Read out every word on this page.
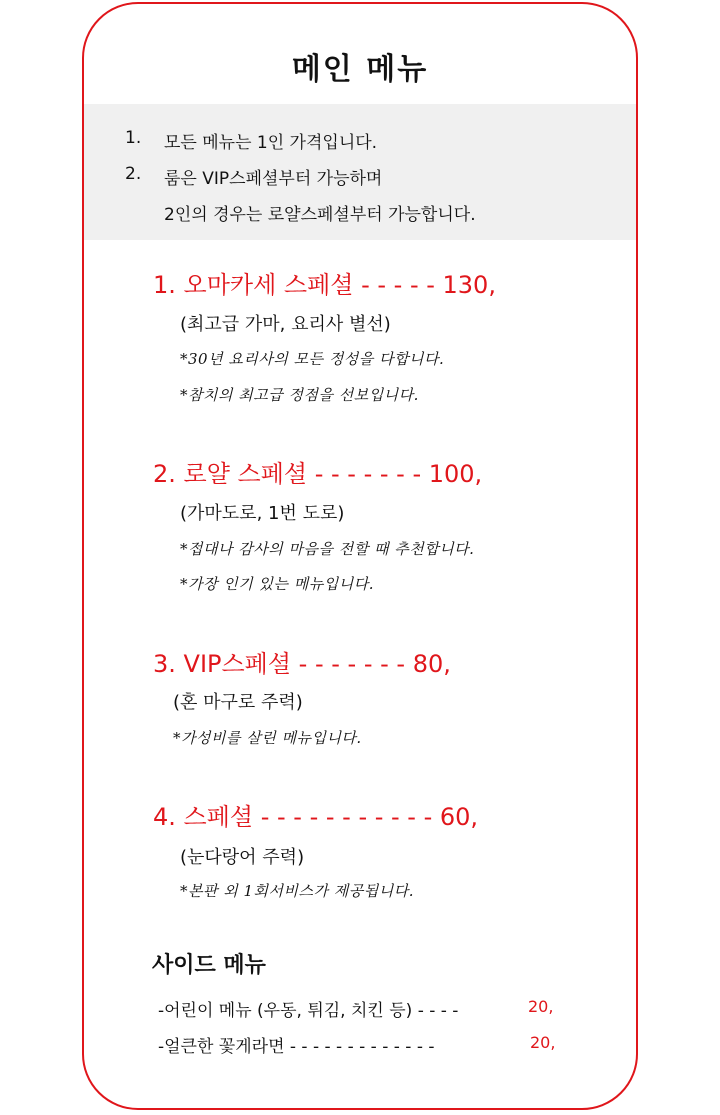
메인 메뉴
1. 모든 메뉴는 1인 가격입니다.
2. 룸은 VIP스페셜부터 가능하며
2인의 경우는 로얄스페셜부터 가능합니다.
1. 오마카세 스페셜 - - - - - 130,
(최고급 가마, 요리사 별선)
*30년 요리사의 모든 정성을 다합니다.
*참치의 최고급 정점을 선보입니다.
2. 로얄 스페셜 - - - - - - - 100,
(가마도로, 1번 도로)
*접대나 감사의 마음을 전할 때 추천합니다.
*가장 인기 있는 메뉴입니다.
3. VIP스페셜 - - - - - - - 80,
(혼 마구로 주력)
*가성비를 살린 메뉴입니다.
4. 스페셜 - - - - - - - - - - - 60,
(눈다랑어 주력)
*본판 외 1회서비스가 제공됩니다.
사이드 메뉴
-어린이 메뉴 (우동, 튀김, 치킨 등) - - - -	20,
-얼큰한 꽃게라면 - - - - - - - - - - - - -	20,
